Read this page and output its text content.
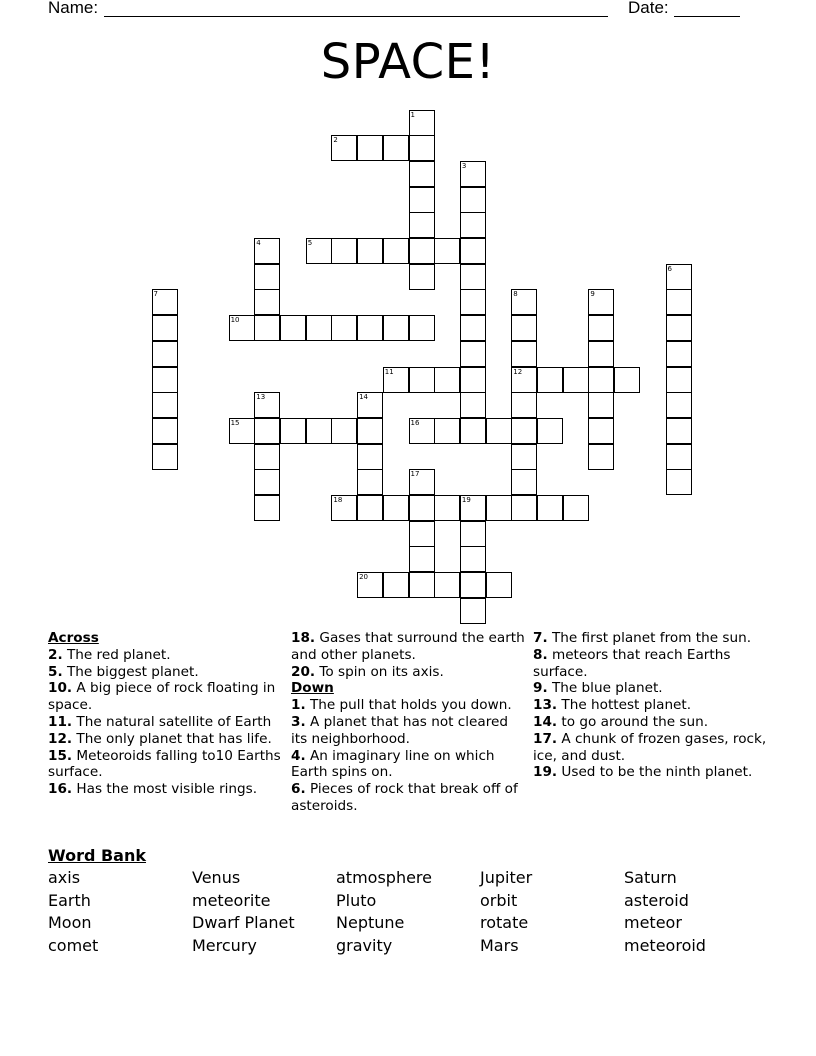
Name:	Date:
SPACE!
2
5
10
11	12
15	16
18	19
20
1
3
4
6
7	8	9
13	14
17

Across

2. The red planet.

5. The biggest planet.

10. A big piece of rock floating in space.

11. The natural satellite of Earth

12. The only planet that has life.

15. Meteoroids falling to10 Earths surface.

16. Has the most visible rings.

18. Gases that surround the earth and other planets.

20. To spin on its axis.

Down

1. The pull that holds you down.

3. A planet that has not cleared its neighborhood.

4. An imaginary line on which Earth spins on.

6. Pieces of rock that break off of asteroids.

7. The first planet from the sun.

8. meteors that reach Earths surface.

9. The blue planet.

13. The hottest planet.

14. to go around the sun.

17. A chunk of frozen gases, rock, ice, and dust.

19. Used to be the ninth planet.

Word Bank
axis	Venus	atmosphere	Jupiter	Saturn
Earth	meteorite	Pluto	orbit	asteroid
Moon	Dwarf Planet	Neptune	rotate	meteor
comet	Mercury	gravity	Mars	meteoroid
